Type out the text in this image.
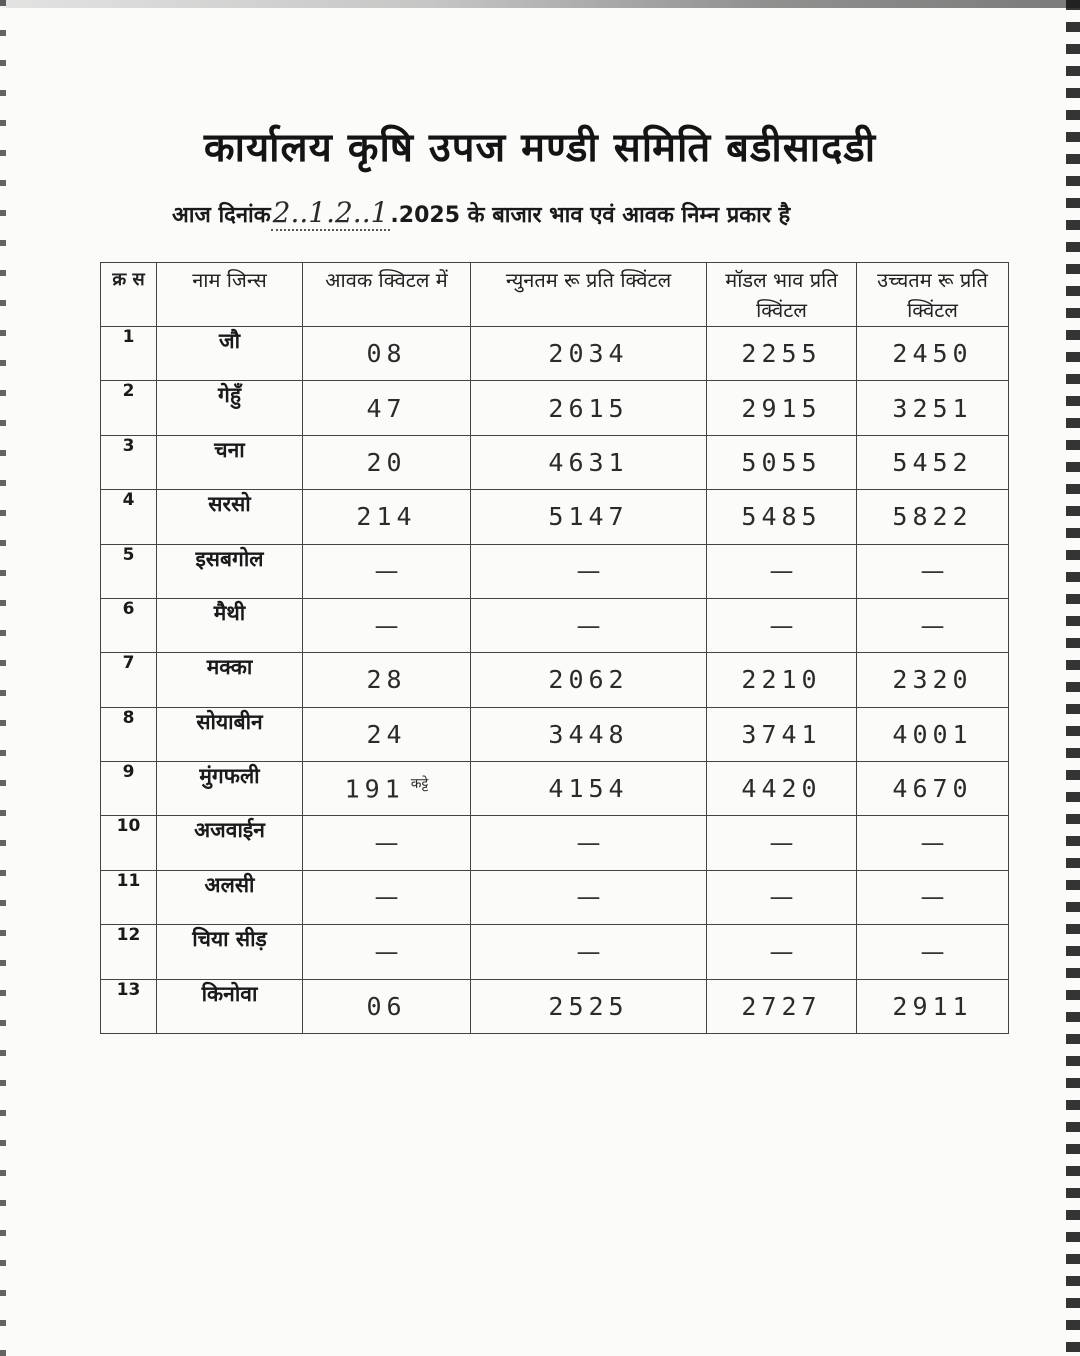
कार्यालय कृषि उपज मण्डी समिति बडीसादडी
आज दिनांक2..1.2..1.2025 के बाजार भाव एवं आवक निम्न प्रकार है
क्र स	नाम जिन्स	आवक क्विटल में	न्युनतम रू प्रति क्विंटल	मॉडल भाव प्रति क्विंटल	उच्चतम रू प्रति क्विंटल
1	जौ	08	2034	2255	2450
2	गेहुँ	47	2615	2915	3251
3	चना	20	4631	5055	5452
4	सरसो	214	5147	5485	5822
5	इसबगोल	—	—	—	—
6	मैथी	—	—	—	—
7	मक्का	28	2062	2210	2320
8	सोयाबीन	24	3448	3741	4001
9	मुंगफली	191 $^{कट्टे}$	4154	4420	4670
10	अजवाईन	—	—	—	—
11	अलसी	—	—	—	—
12	चिया सीड़	—	—	—	—
13	किनोवा	06	2525	2727	2911
